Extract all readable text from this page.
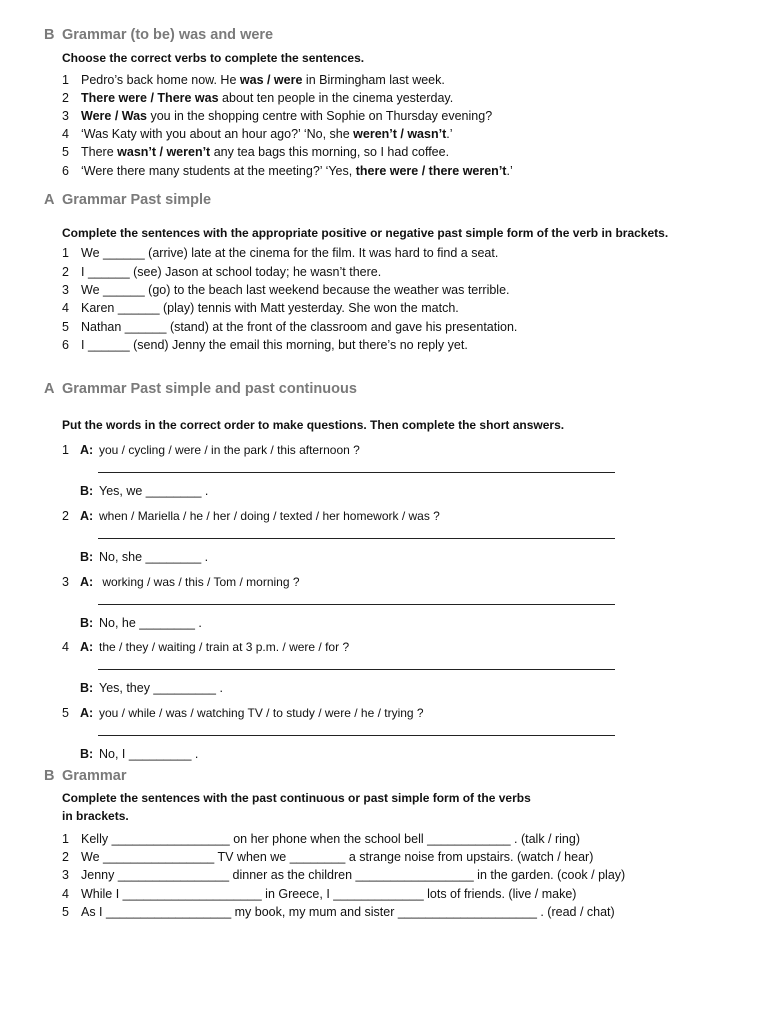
B Grammar (to be) was and were
Choose the correct verbs to complete the sentences.
1 Pedro’s back home now. He was / were in Birmingham last week.
2 There were / There was about ten people in the cinema yesterday.
3 Were / Was you in the shopping centre with Sophie on Thursday evening?
4 ‘Was Katy with you about an hour ago?’ ‘No, she weren’t / wasn’t.’
5 There wasn’t / weren’t any tea bags this morning, so I had coffee.
6 ‘Were there many students at the meeting?’ ‘Yes, there were / there weren’t.’
A Grammar Past simple
Complete the sentences with the appropriate positive or negative past simple form of the verb in brackets.
1 We ______ (arrive) late at the cinema for the film. It was hard to find a seat.
2 I ______ (see) Jason at school today; he wasn’t there.
3 We ______ (go) to the beach last weekend because the weather was terrible.
4 Karen ______ (play) tennis with Matt yesterday. She won the match.
5 Nathan ______ (stand) at the front of the classroom and gave his presentation.
6 I ______ (send) Jenny the email this morning, but there’s no reply yet.
A Grammar Past simple and past continuous
Put the words in the correct order to make questions. Then complete the short answers.
1 A: you / cycling / were / in the park / this afternoon ?
B: Yes, we ________ .
2 A: when / Mariella / he / her / doing / texted / her homework / was ?
B: No, she ________ .
3 A: working / was / this / Tom / morning ?
B: No, he ________ .
4 A: the / they / waiting / train at 3 p.m. / were / for ?
B: Yes, they _________ .
5 A: you / while / was / watching TV / to study / were / he / trying ?
B: No, I _________ .
B Grammar
Complete the sentences with the past continuous or past simple form of the verbs
in brackets.
1 Kelly _________________ on her phone when the school bell ____________ . (talk / ring)
2 We ________________ TV when we ________ a strange noise from upstairs. (watch / hear)
3 Jenny ________________ dinner as the children _________________ in the garden. (cook / play)
4 While I ____________________ in Greece, I _____________ lots of friends. (live / make)
5 As I __________________ my book, my mum and sister ____________________ . (read / chat)
